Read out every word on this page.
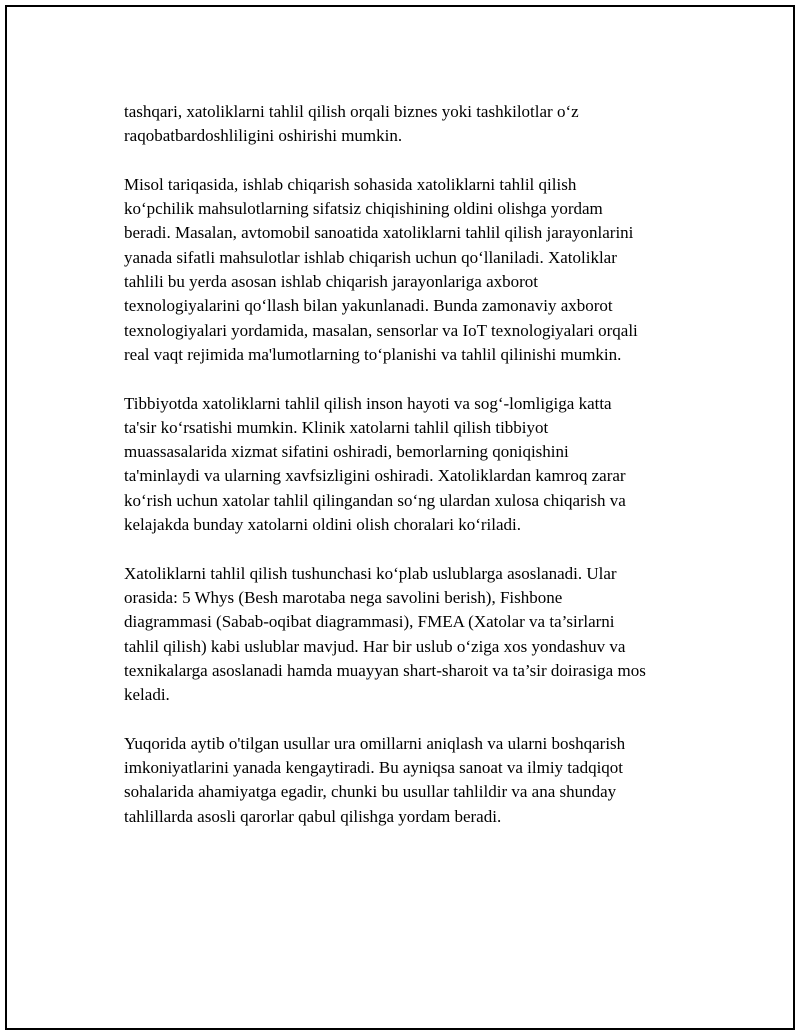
tashqari, xatoliklarni tahlil qilish orqali biznes yoki tashkilotlar o‘z
raqobatbardoshliligini oshirishi mumkin.

Misol tariqasida, ishlab chiqarish sohasida xatoliklarni tahlil qilish
ko‘pchilik mahsulotlarning sifatsiz chiqishining oldini olishga yordam
beradi. Masalan, avtomobil sanoatida xatoliklarni tahlil qilish jarayonlarini
yanada sifatli mahsulotlar ishlab chiqarish uchun qo‘llaniladi. Xatoliklar
tahlili bu yerda asosan ishlab chiqarish jarayonlariga axborot
texnologiyalarini qo‘llash bilan yakunlanadi. Bunda zamonaviy axborot
texnologiyalari yordamida, masalan, sensorlar va IoT texnologiyalari orqali
real vaqt rejimida ma'lumotlarning to‘planishi va tahlil qilinishi mumkin.

Tibbiyotda xatoliklarni tahlil qilish inson hayoti va sog‘-lomligiga katta
ta'sir ko‘rsatishi mumkin. Klinik xatolarni tahlil qilish tibbiyot
muassasalarida xizmat sifatini oshiradi, bemorlarning qoniqishini
ta'minlaydi va ularning xavfsizligini oshiradi. Xatoliklardan kamroq zarar
ko‘rish uchun xatolar tahlil qilingandan so‘ng ulardan xulosa chiqarish va
kelajakda bunday xatolarni oldini olish choralari ko‘riladi.

Xatoliklarni tahlil qilish tushunchasi ko‘plab uslublarga asoslanadi. Ular
orasida: 5 Whys (Besh marotaba nega savolini berish), Fishbone
diagrammasi (Sabab-oqibat diagrammasi), FMEA (Xatolar va ta’sirlarni
tahlil qilish) kabi uslublar mavjud. Har bir uslub o‘ziga xos yondashuv va
texnikalarga asoslanadi hamda muayyan shart-sharoit va ta’sir doirasiga mos
keladi.

Yuqorida aytib o'tilgan usullar ura omillarni aniqlash va ularni boshqarish
imkoniyatlarini yanada kengaytiradi. Bu ayniqsa sanoat va ilmiy tadqiqot
sohalarida ahamiyatga egadir, chunki bu usullar tahlildir va ana shunday
tahlillarda asosli qarorlar qabul qilishga yordam beradi.
